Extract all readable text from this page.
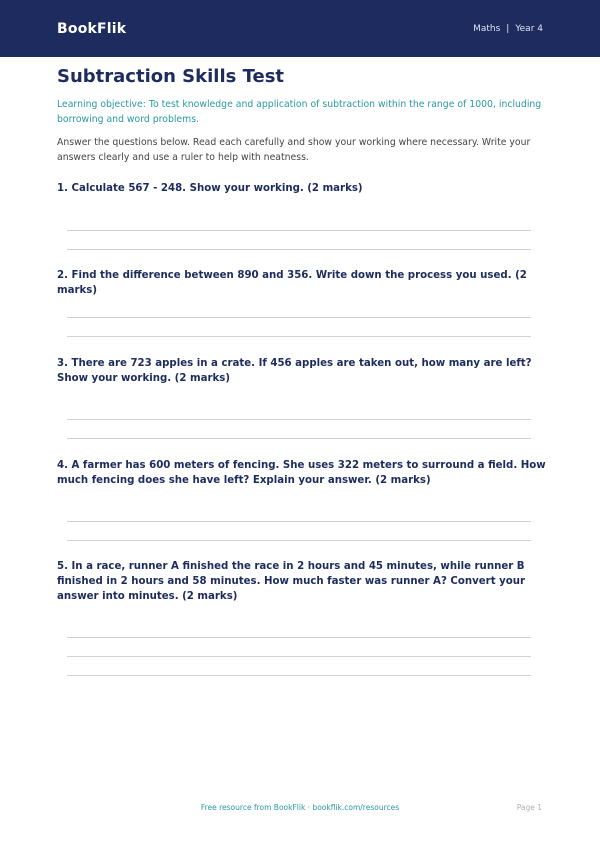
BookFlik	Maths | Year 4
Subtraction Skills Test
Learning objective: To test knowledge and application of subtraction within the range of 1000, including borrowing and word problems.
Answer the questions below. Read each carefully and show your working where necessary. Write your answers clearly and use a ruler to help with neatness.
1. Calculate 567 - 248. Show your working. (2 marks)
2. Find the difference between 890 and 356. Write down the process you used. (2 marks)
3. There are 723 apples in a crate. If 456 apples are taken out, how many are left? Show your working. (2 marks)
4. A farmer has 600 meters of fencing. She uses 322 meters to surround a field. How much fencing does she have left? Explain your answer. (2 marks)
5. In a race, runner A finished the race in 2 hours and 45 minutes, while runner B finished in 2 hours and 58 minutes. How much faster was runner A? Convert your answer into minutes. (2 marks)
Free resource from BookFlik · bookflik.com/resources	Page 1
